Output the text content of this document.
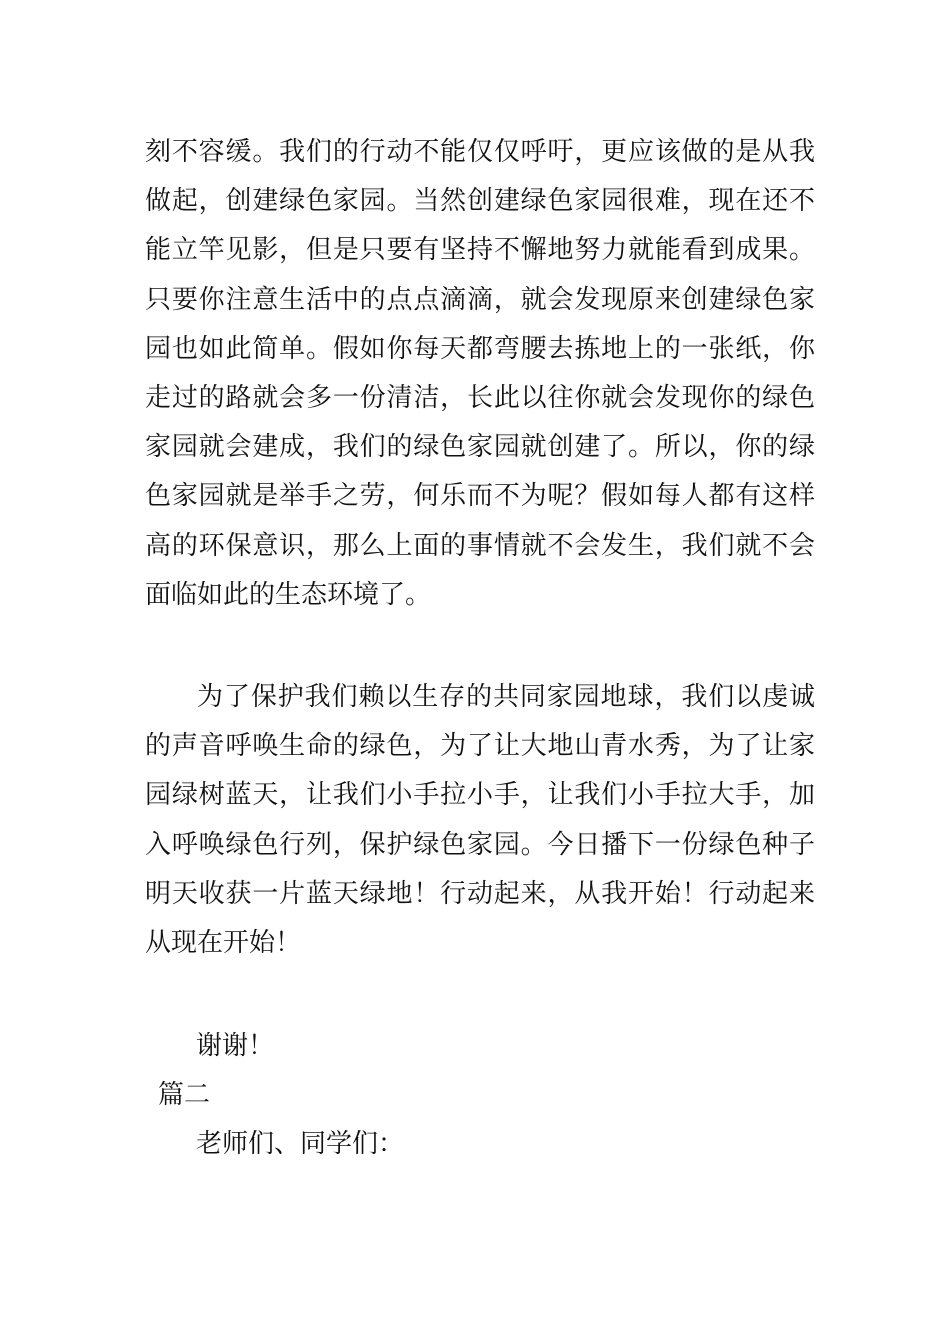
刻不容缓。我们的行动不能仅仅呼吁，更应该做的是从我
做起，创建绿色家园。当然创建绿色家园很难，现在还不
能立竿见影，但是只要有坚持不懈地努力就能看到成果。
只要你注意生活中的点点滴滴，就会发现原来创建绿色家
园也如此简单。假如你每天都弯腰去拣地上的一张纸，你
走过的路就会多一份清洁，长此以往你就会发现你的绿色
家园就会建成，我们的绿色家园就创建了。所以，你的绿
色家园就是举手之劳，何乐而不为呢？假如每人都有这样
高的环保意识，那么上面的事情就不会发生，我们就不会
面临如此的生态环境了。
为了保护我们赖以生存的共同家园地球，我们以虔诚
的声音呼唤生命的绿色，为了让大地山青水秀，为了让家
园绿树蓝天，让我们小手拉小手，让我们小手拉大手，加
入呼唤绿色行列，保护绿色家园。今日播下一份绿色种子
明天收获一片蓝天绿地！行动起来，从我开始！行动起来
从现在开始！
谢谢！
篇二
老师们、同学们：
